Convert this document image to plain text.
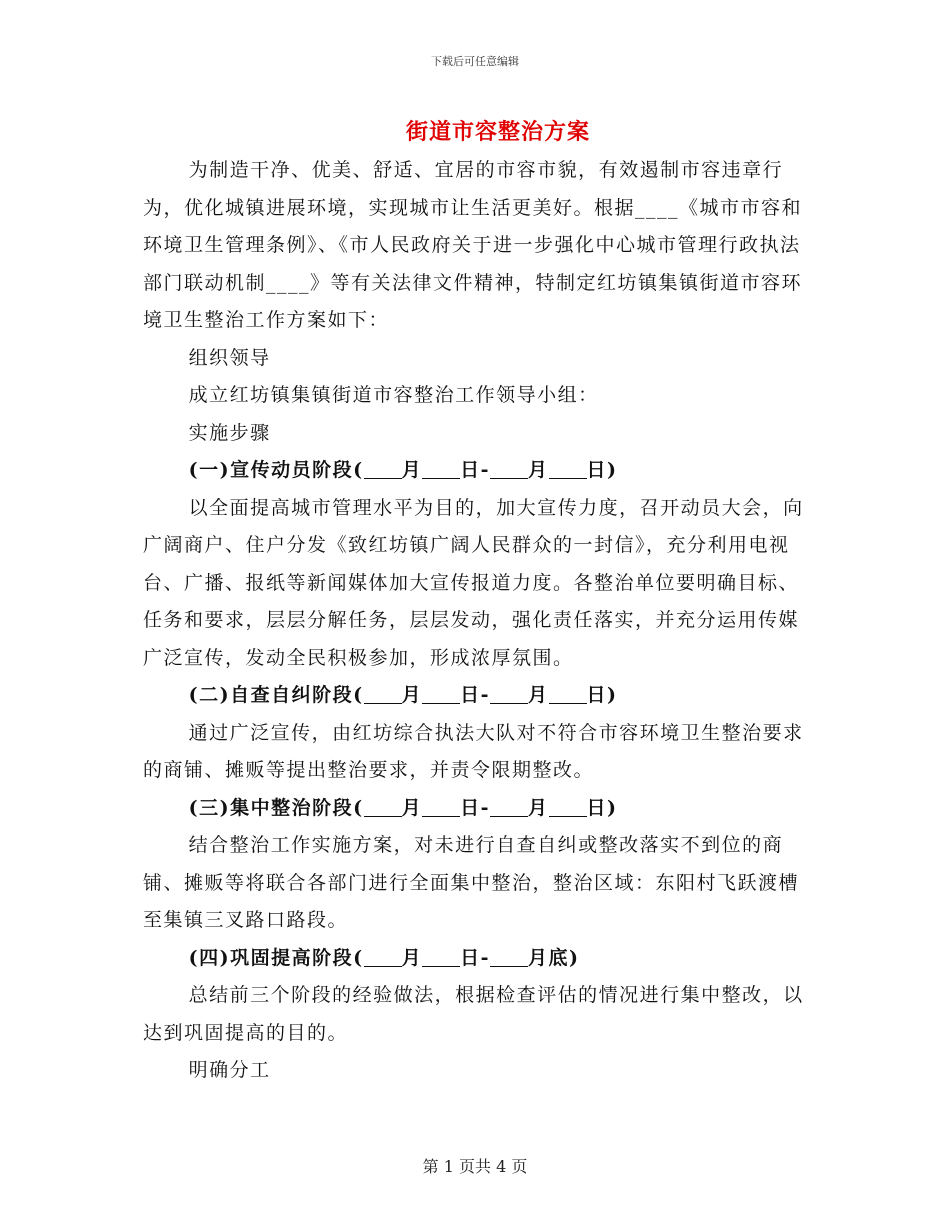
下载后可任意编辑
街道市容整治方案

为制造干净、优美、舒适、宜居的市容市貌，有效遏制市容违章行为，优化城镇进展环境，实现城市让生活更美好。根据____《城市市容和环境卫生管理条例》、《市人民政府关于进一步强化中心城市管理行政执法部门联动机制____》等有关法律文件精神，特制定红坊镇集镇街道市容环境卫生整治工作方案如下：

组织领导

成立红坊镇集镇街道市容整治工作领导小组：

实施步骤

(一)宣传动员阶段( 月 日- 月 日)

以全面提高城市管理水平为目的，加大宣传力度，召开动员大会，向广阔商户、住户分发《致红坊镇广阔人民群众的一封信》，充分利用电视台、广播、报纸等新闻媒体加大宣传报道力度。各整治单位要明确目标、任务和要求，层层分解任务，层层发动，强化责任落实，并充分运用传媒广泛宣传，发动全民积极参加，形成浓厚氛围。

(二)自查自纠阶段( 月 日- 月 日)

通过广泛宣传，由红坊综合执法大队对不符合市容环境卫生整治要求的商铺、摊贩等提出整治要求，并责令限期整改。

(三)集中整治阶段( 月 日- 月 日)

结合整治工作实施方案，对未进行自查自纠或整改落实不到位的商铺、摊贩等将联合各部门进行全面集中整治，整治区域：东阳村飞跃渡槽至集镇三叉路口路段。

(四)巩固提高阶段( 月 日- 月底)

总结前三个阶段的经验做法，根据检查评估的情况进行集中整改，以达到巩固提高的目的。

明确分工

第 1 页共 4 页
